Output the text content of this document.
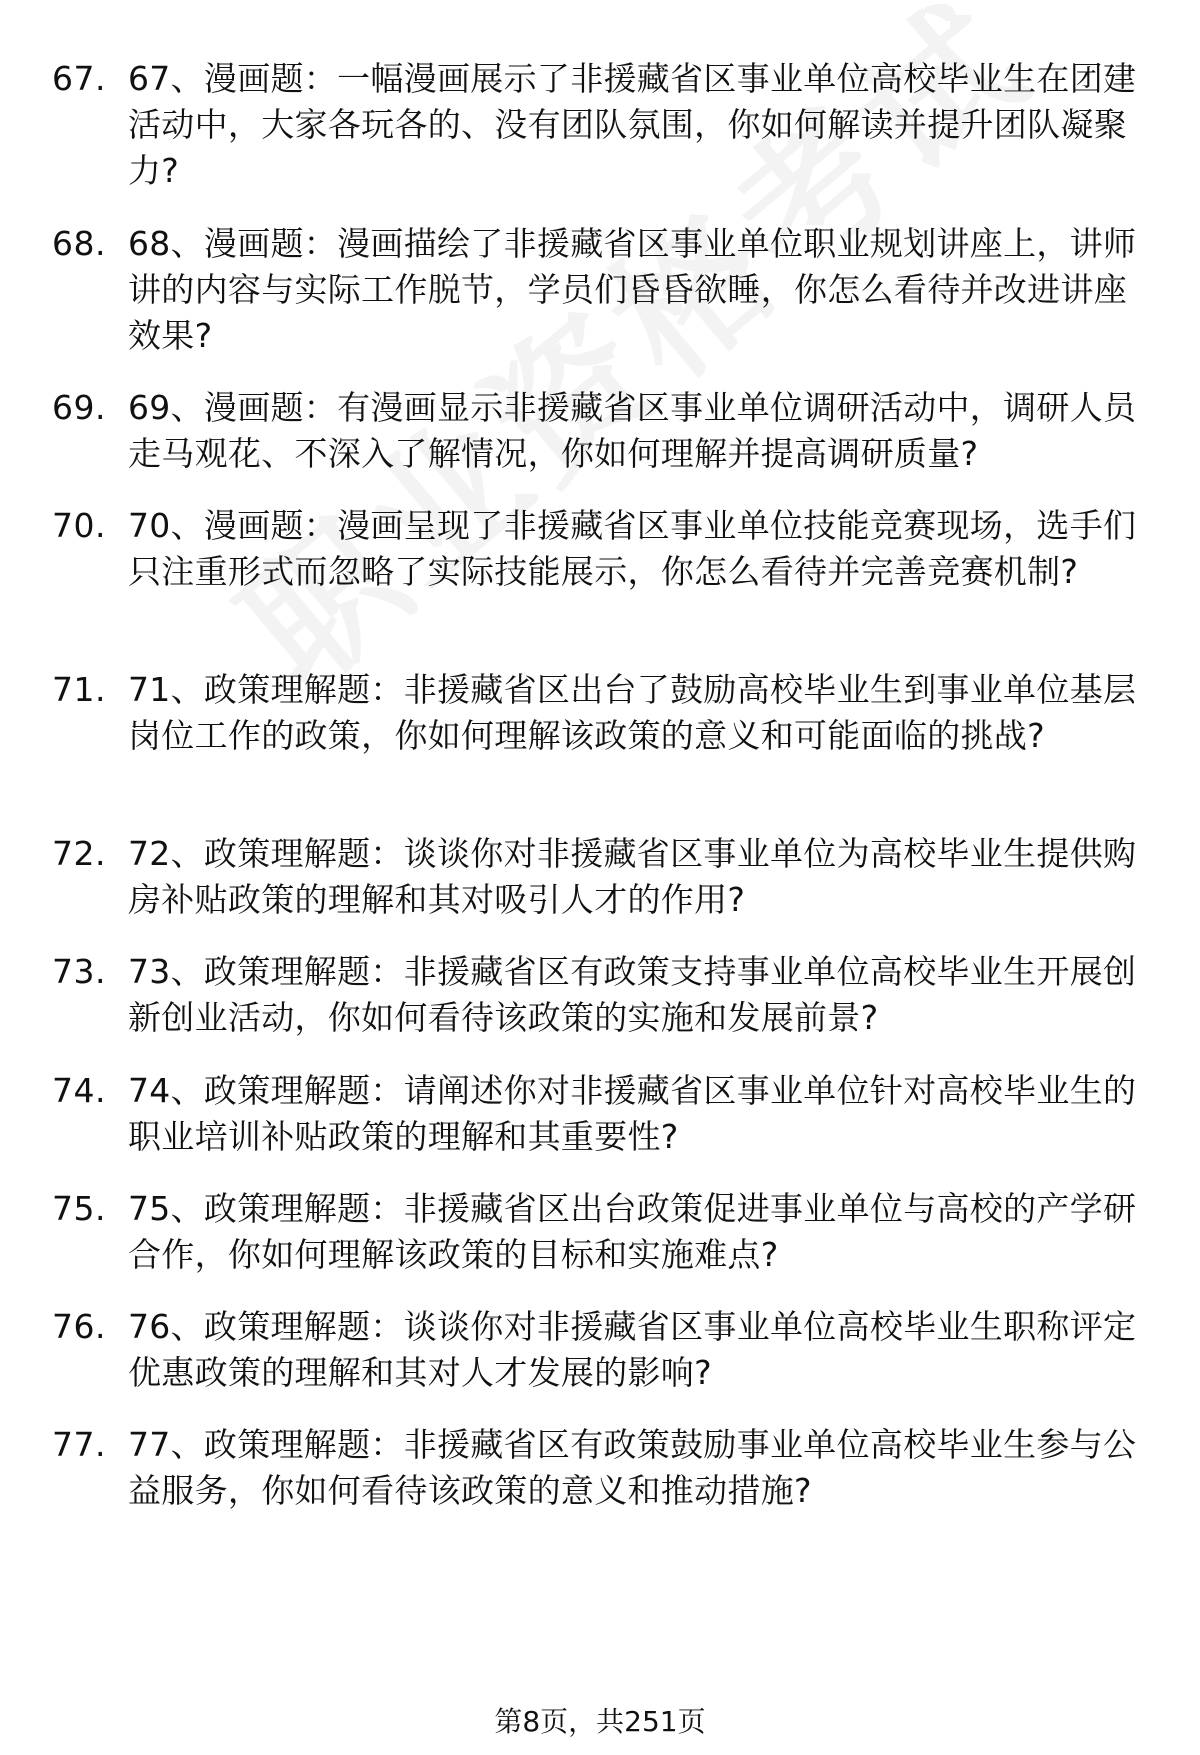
67. 67、漫画题：一幅漫画展示了非援藏省区事业单位高校毕业生在团建活动中，大家各玩各的、没有团队氛围，你如何解读并提升团队凝聚力?
68. 68、漫画题：漫画描绘了非援藏省区事业单位职业规划讲座上，讲师讲的内容与实际工作脱节，学员们昏昏欲睡，你怎么看待并改进讲座效果?
69. 69、漫画题：有漫画显示非援藏省区事业单位调研活动中，调研人员走马观花、不深入了解情况，你如何理解并提高调研质量?
70. 70、漫画题：漫画呈现了非援藏省区事业单位技能竞赛现场，选手们只注重形式而忽略了实际技能展示，你怎么看待并完善竞赛机制?
71. 71、政策理解题：非援藏省区出台了鼓励高校毕业生到事业单位基层岗位工作的政策，你如何理解该政策的意义和可能面临的挑战?
72. 72、政策理解题：谈谈你对非援藏省区事业单位为高校毕业生提供购房补贴政策的理解和其对吸引人才的作用?
73. 73、政策理解题：非援藏省区有政策支持事业单位高校毕业生开展创新创业活动，你如何看待该政策的实施和发展前景?
74. 74、政策理解题：请阐述你对非援藏省区事业单位针对高校毕业生的职业培训补贴政策的理解和其重要性?
75. 75、政策理解题：非援藏省区出台政策促进事业单位与高校的产学研合作，你如何理解该政策的目标和实施难点?
76. 76、政策理解题：谈谈你对非援藏省区事业单位高校毕业生职称评定优惠政策的理解和其对人才发展的影响?
77. 77、政策理解题：非援藏省区有政策鼓励事业单位高校毕业生参与公益服务，你如何看待该政策的意义和推动措施?
第8页，共251页
